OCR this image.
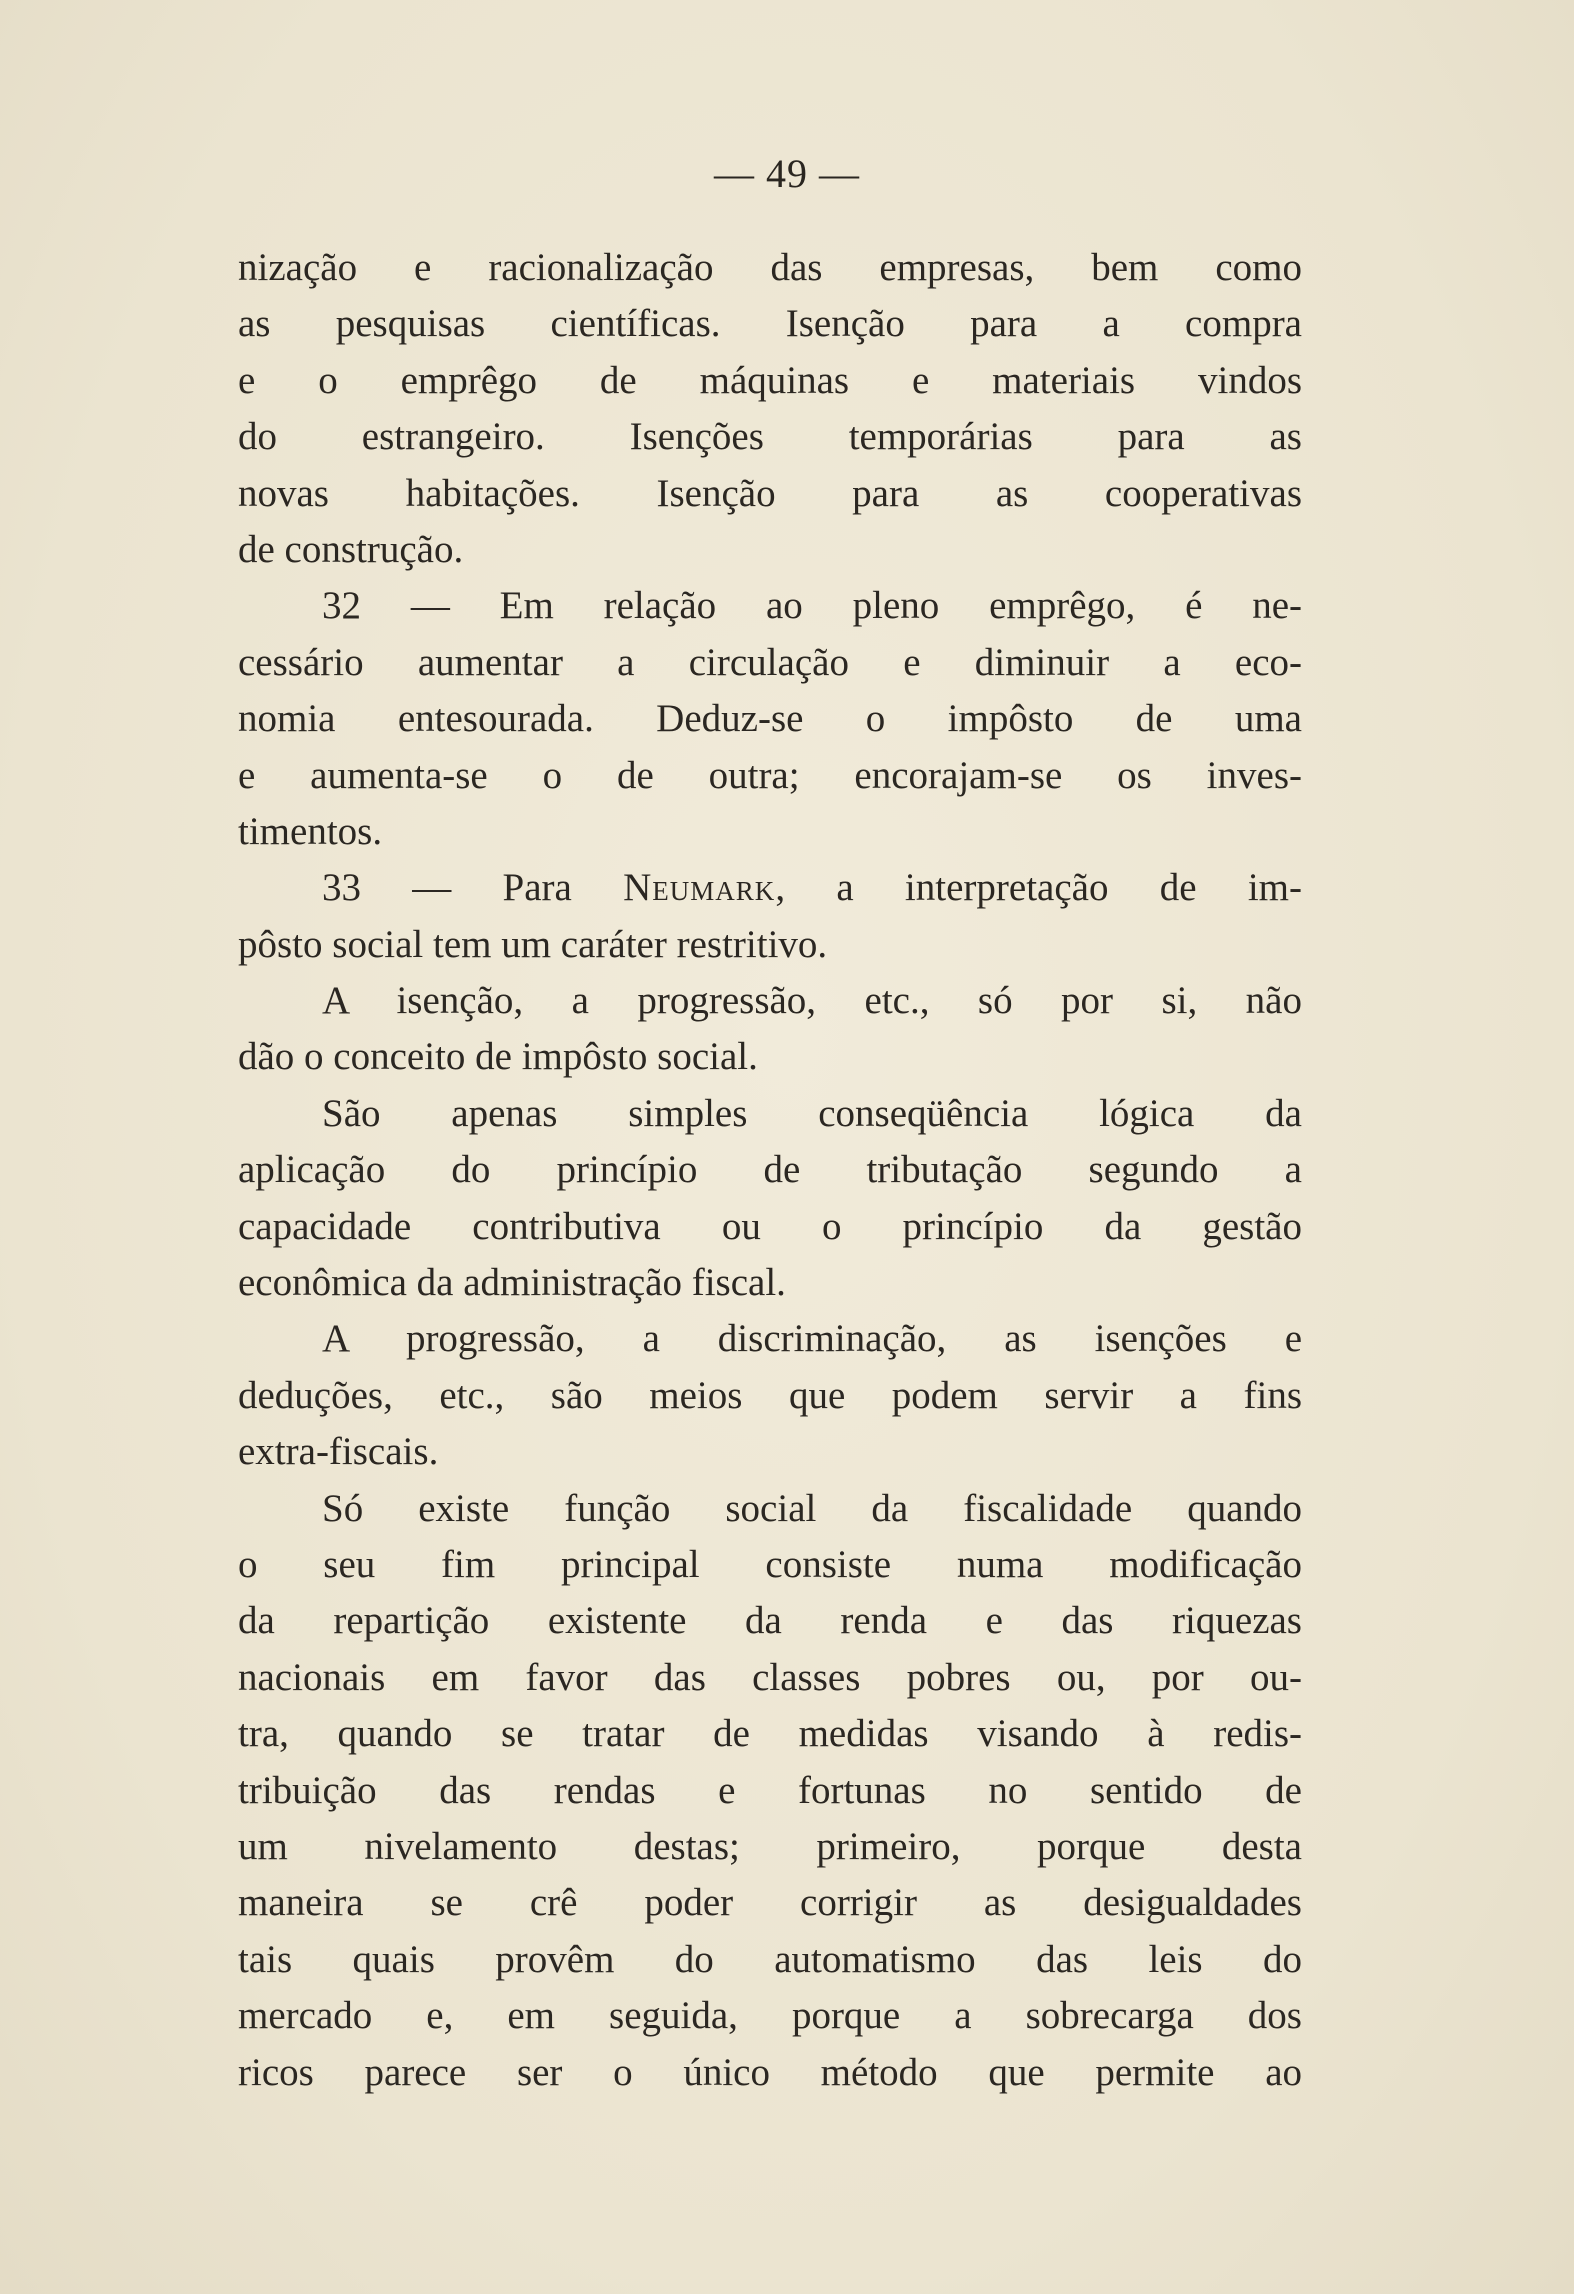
— 49 —
nização e racionalização das empresas, bem como
as pesquisas científicas. Isenção para a compra
e o emprêgo de máquinas e materiais vindos
do estrangeiro. Isenções temporárias para as
novas habitações. Isenção para as cooperativas
de construção.
32 — Em relação ao pleno emprêgo, é ne-
cessário aumentar a circulação e diminuir a eco-
nomia entesourada. Deduz-se o impôsto de uma
e aumenta-se o de outra; encorajam-se os inves-
timentos.
33 — Para Neumark, a interpretação de im-
pôsto social tem um caráter restritivo.
A isenção, a progressão, etc., só por si, não
dão o conceito de impôsto social.
São apenas simples conseqüência lógica da
aplicação do princípio de tributação segundo a
capacidade contributiva ou o princípio da gestão
econômica da administração fiscal.
A progressão, a discriminação, as isenções e
deduções, etc., são meios que podem servir a fins
extra-fiscais.
Só existe função social da fiscalidade quando
o seu fim principal consiste numa modificação
da repartição existente da renda e das riquezas
nacionais em favor das classes pobres ou, por ou-
tra, quando se tratar de medidas visando à redis-
tribuição das rendas e fortunas no sentido de
um nivelamento destas; primeiro, porque desta
maneira se crê poder corrigir as desigualdades
tais quais provêm do automatismo das leis do
mercado e, em seguida, porque a sobrecarga dos
ricos parece ser o único método que permite ao
